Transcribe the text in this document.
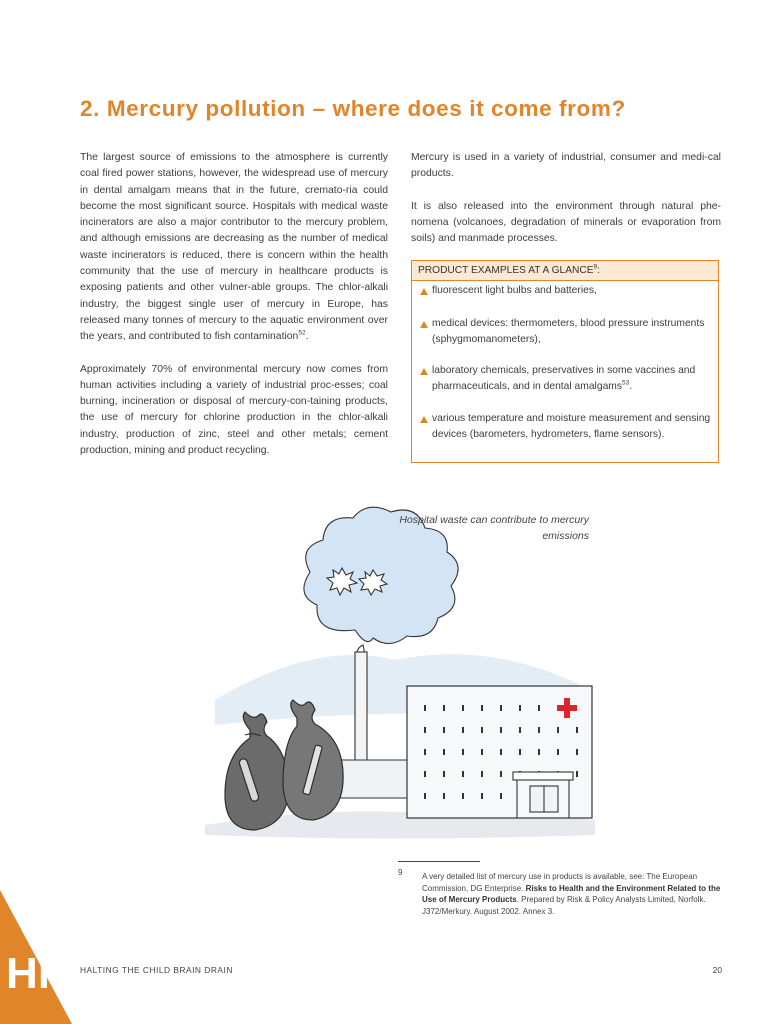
2. Mercury pollution – where does it come from?

The largest source of emissions to the atmosphere is currently coal fired power stations, however, the widespread use of mercury in dental amalgam means that in the future, cremato-ria could become the most significant source. Hospitals with medical waste incinerators are also a major contributor to the mercury problem, and although emissions are decreasing as the number of medical waste incinerators is reduced, there is concern within the health community that the use of mercury in healthcare products is exposing patients and other vulner-able groups. The chlor-alkali industry, the biggest single user of mercury in Europe, has released many tonnes of mercury to the aquatic environment over the years, and contributed to fish contamination$^{52}$.

Approximately 70% of environmental mercury now comes from human activities including a variety of industrial proc-esses; coal burning, incineration or disposal of mercury-con-taining products, the use of mercury for chlorine production in the chlor-alkali industry, production of zinc, steel and other metals; cement production, mining and product recycling.

Mercury is used in a variety of industrial, consumer and medi-cal products.

It is also released into the environment through natural phe-nomena (volcanoes, degradation of minerals or evaporation from soils) and manmade processes.

PRODUCT EXAMPLES AT A GLANCE$^9$:
fluorescent light bulbs and batteries,
medical devices: thermometers, blood pressure instruments (sphygmomanometers),
laboratory chemicals, preservatives in some vaccines and pharmaceuticals, and in dental amalgams$^{53}$.
various temperature and moisture measurement and sensing devices (barometers, hydrometers, flame sensors).
Hospital waste can contribute to mercury emissions
9 A very detailed list of mercury use in products is available, see: The European Commission, DG Enterprise. Risks to Health and the Environment Related to the Use of Mercury Products. Prepared by Risk & Policy Analysts Limited, Norfolk. J372/Merkury. August 2002. Annex 3.
Hı	HALTING THE CHILD BRAIN DRAIN	20
